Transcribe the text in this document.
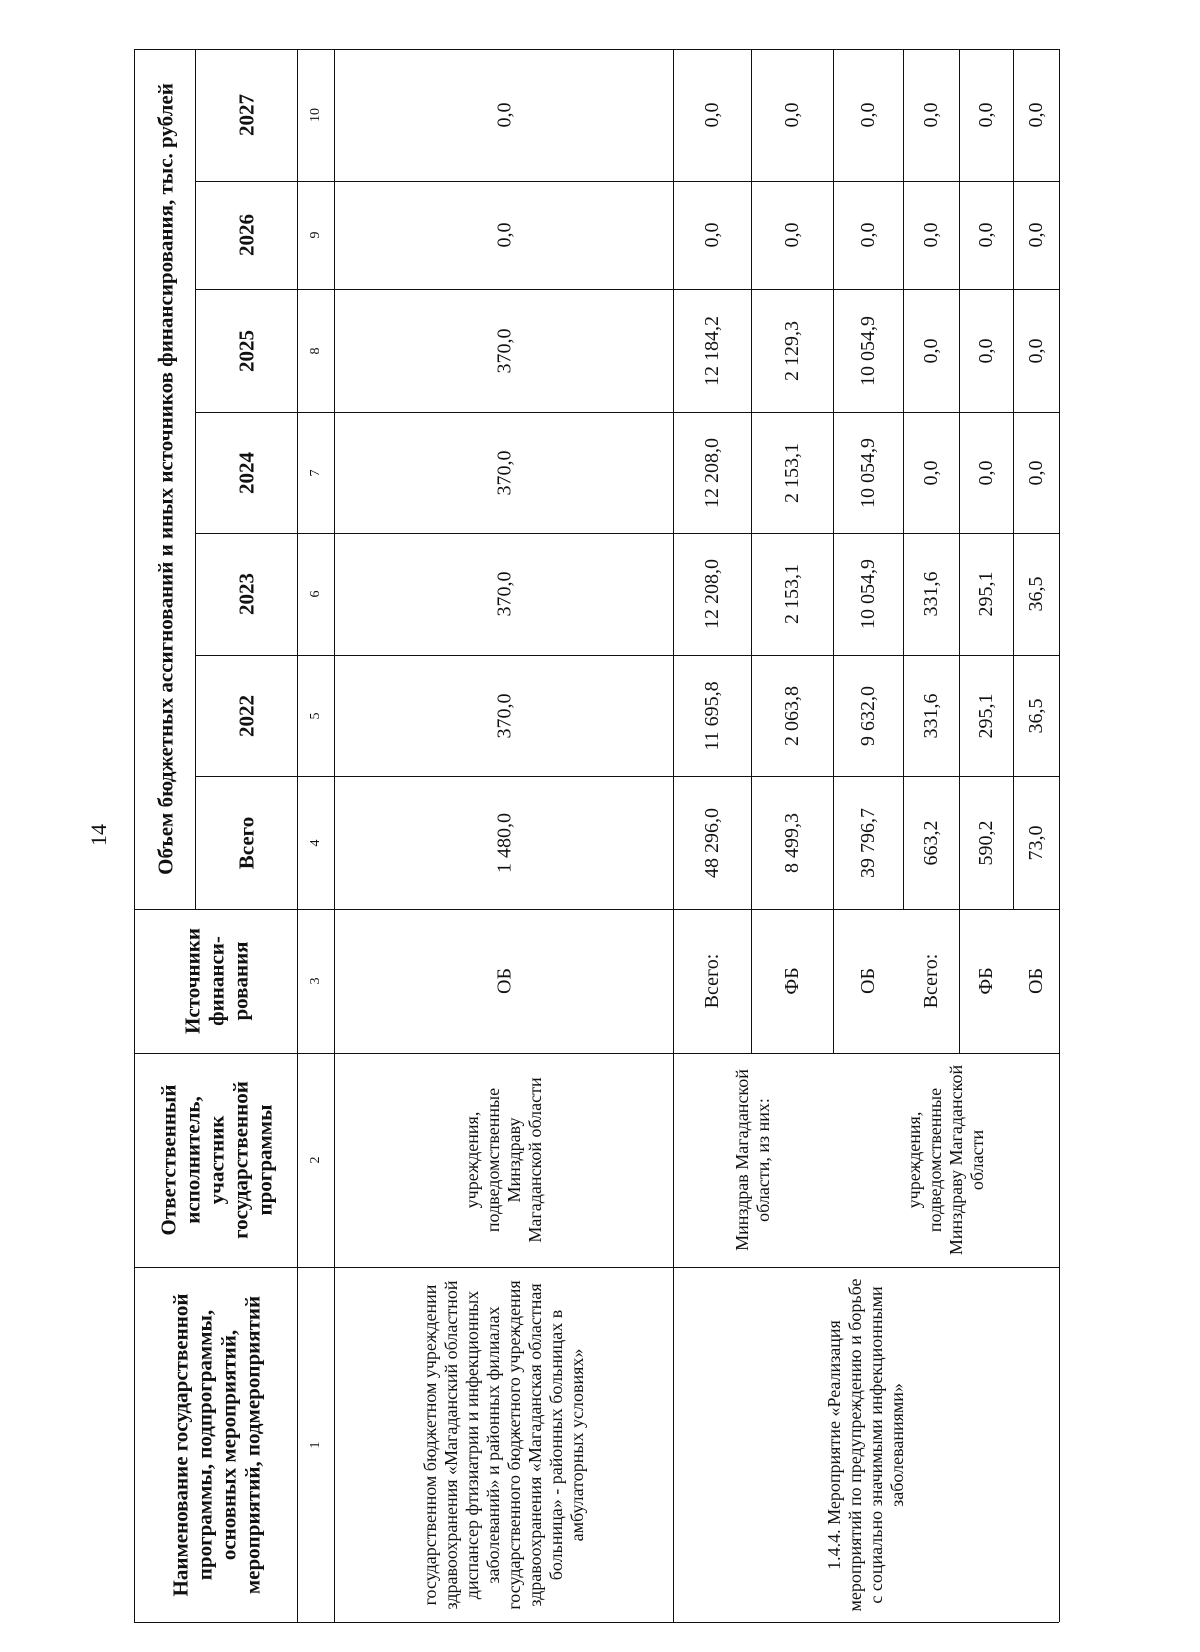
14
Наименование государственной программы, подпрограммы, основных мероприятий, мероприятий, подмероприятий
Ответственный исполнитель, участник государственной программы
Источники финанси-рования
Объем бюджетных ассигнований и иных источников финансирования, тыс. рублей	Всего
2022
2023
2024
2025
2026
2027
1
2
3
4
5
6
7
8
9
10
государственном бюджетном учреждении здравоохранения «Магаданский областной диспансер фтизиатрии и инфекционных заболеваний» и районных филиалах государственного бюджетного учреждения здравоохранения «Магаданская областная больница» - районных больницах в амбулаторных условиях»
учреждения, подведомственные Минздраву Магаданской области
1.4.4. Мероприятие «Реализация мероприятий по предупреждению и борьбе с социально значимыми инфекционными заболеваниями»
Минздрав Магаданской области, из них:	учреждения, подведомственные Минздраву Магаданской области
ОБ
1 480,0
370,0
370,0
370,0
370,0
0,0
0,0
Всего:
48 296,0
11 695,8
12 208,0
12 208,0
12 184,2
0,0
0,0
ФБ
8 499,3
2 063,8
2 153,1
2 153,1
2 129,3
0,0
0,0
ОБ
39 796,7
9 632,0
10 054,9
10 054,9
10 054,9
0,0
0,0
Всего:
663,2
331,6
331,6
0,0
0,0
0,0
0,0
ФБ
590,2
295,1
295,1
0,0
0,0
0,0
0,0
ОБ
73,0
36,5
36,5
0,0
0,0
0,0
0,0
